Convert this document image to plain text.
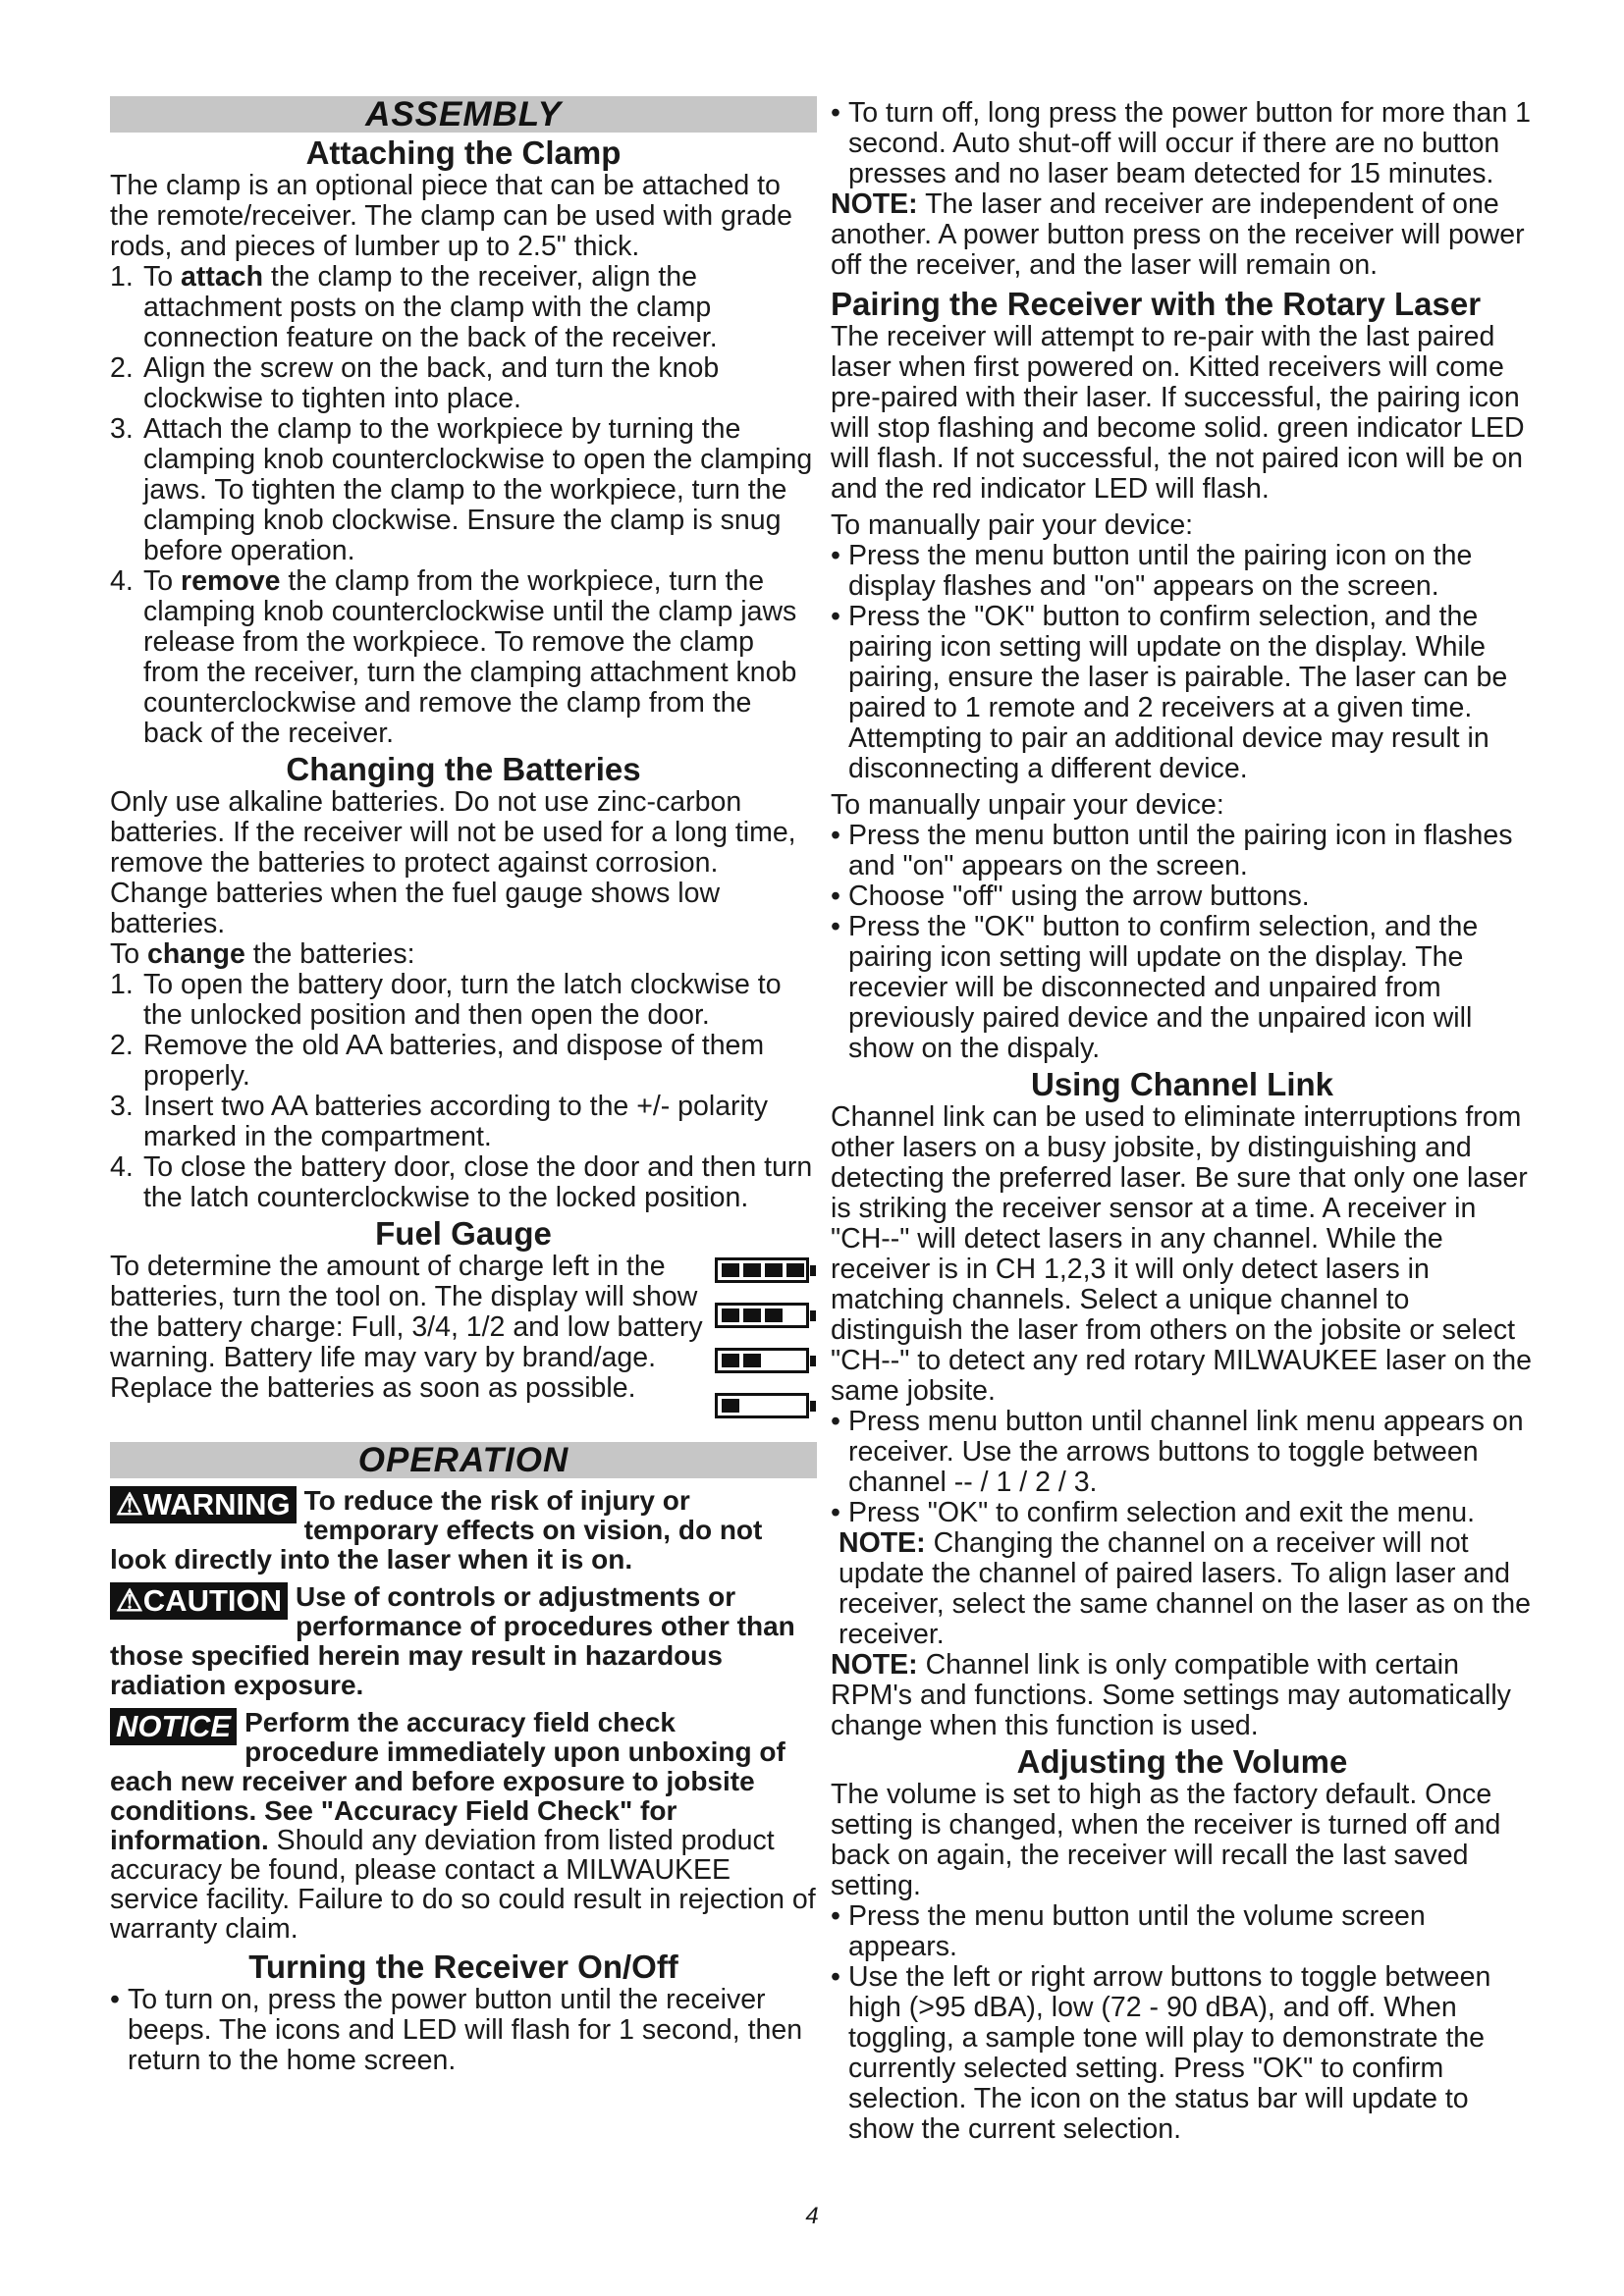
ASSEMBLY
Attaching the Clamp

The clamp is an optional piece that can be attached to the remote/receiver. The clamp can be used with grade rods, and pieces of lumber up to 2.5" thick.

1. To attach the clamp to the receiver, align the attachment posts on the clamp with the clamp connection feature on the back of the receiver.
2. Align the screw on the back, and turn the knob clockwise to tighten into place.
3. Attach the clamp to the workpiece by turning the clamping knob counterclockwise to open the clamping jaws. To tighten the clamp to the workpiece, turn the clamping knob clockwise. Ensure the clamp is snug before operation.
4. To remove the clamp from the workpiece, turn the clamping knob counterclockwise until the clamp jaws release from the workpiece. To remove the clamp from the receiver, turn the clamping attachment knob counterclockwise and remove the clamp from the back of the receiver.
Changing the Batteries

Only use alkaline batteries. Do not use zinc-carbon batteries. If the receiver will not be used for a long time, remove the batteries to protect against corrosion. Change batteries when the fuel gauge shows low batteries.

To change the batteries:

1. To open the battery door, turn the latch clockwise to the unlocked position and then open the door.
2. Remove the old AA batteries, and dispose of them properly.
3. Insert two AA batteries according to the +/- polarity marked in the compartment.
4. To close the battery door, close the door and then turn the latch counterclockwise to the locked position.
Fuel Gauge

To determine the amount of charge left in the batteries, turn the tool on. The display will show the battery charge: Full, 3/4, 1/2 and low battery warning. Battery life may vary by brand/age. Replace the batteries as soon as possible.

OPERATION
⚠WARNING To reduce the risk of injury or temporary effects on vision, do not look directly into the laser when it is on.
⚠CAUTION Use of controls or adjustments or performance of procedures other than those specified herein may result in hazardous radiation exposure.
NOTICE Perform the accuracy field check procedure immediately upon unboxing of each new receiver and before exposure to jobsite conditions. See "Accuracy Field Check" for information. Should any deviation from listed product accuracy be found, please contact a MILWAUKEE service facility. Failure to do so could result in rejection of warranty claim.
Turning the Receiver On/Off
• To turn on, press the power button until the receiver beeps. The icons and LED will flash for 1 second, then return to the home screen.
• To turn off, long press the power button for more than 1 second. Auto shut-off will occur if there are no button presses and no laser beam detected for 15 minutes.

NOTE: The laser and receiver are independent of one another. A power button press on the receiver will power off the receiver, and the laser will remain on.

Pairing the Receiver with the Rotary Laser

The receiver will attempt to re-pair with the last paired laser when first powered on. Kitted receivers will come pre-paired with their laser. If successful, the pairing icon will stop flashing and become solid. green indicator LED will flash. If not successful, the not paired icon will be on and the red indicator LED will flash.

To manually pair your device:

• Press the menu button until the pairing icon on the display flashes and "on" appears on the screen.
• Press the "OK" button to confirm selection, and the pairing icon setting will update on the display. While pairing, ensure the laser is pairable. The laser can be paired to 1 remote and 2 receivers at a given time. Attempting to pair an additional device may result in disconnecting a different device.

To manually unpair your device:

• Press the menu button until the pairing icon in flashes and "on" appears on the screen.
• Choose "off" using the arrow buttons.
• Press the "OK" button to confirm selection, and the pairing icon setting will update on the display. The recevier will be disconnected and unpaired from previously paired device and the unpaired icon will show on the dispaly.
Using Channel Link

Channel link can be used to eliminate interruptions from other lasers on a busy jobsite, by distinguishing and detecting the preferred laser. Be sure that only one laser is striking the receiver sensor at a time. A receiver in "CH--" will detect lasers in any channel. While the receiver is in CH 1,2,3 it will only detect lasers in matching channels. Select a unique channel to distinguish the laser from others on the jobsite or select "CH--" to detect any red rotary MILWAUKEE laser on the same jobsite.

• Press menu button until channel link menu appears on receiver. Use the arrows buttons to toggle between channel -- / 1 / 2 / 3.
• Press "OK" to confirm selection and exit the menu.

NOTE: Changing the channel on a receiver will not update the channel of paired lasers. To align laser and receiver, select the same channel on the laser as on the receiver.

NOTE: Channel link is only compatible with certain RPM's and functions. Some settings may automatically change when this function is used.

Adjusting the Volume

The volume is set to high as the factory default. Once setting is changed, when the receiver is turned off and back on again, the receiver will recall the last saved setting.

• Press the menu button until the volume screen appears.
• Use the left or right arrow buttons to toggle between high (>95 dBA), low (72 - 90 dBA), and off. When toggling, a sample tone will play to demonstrate the currently selected setting. Press "OK" to confirm selection. The icon on the status bar will update to show the current selection.
4
